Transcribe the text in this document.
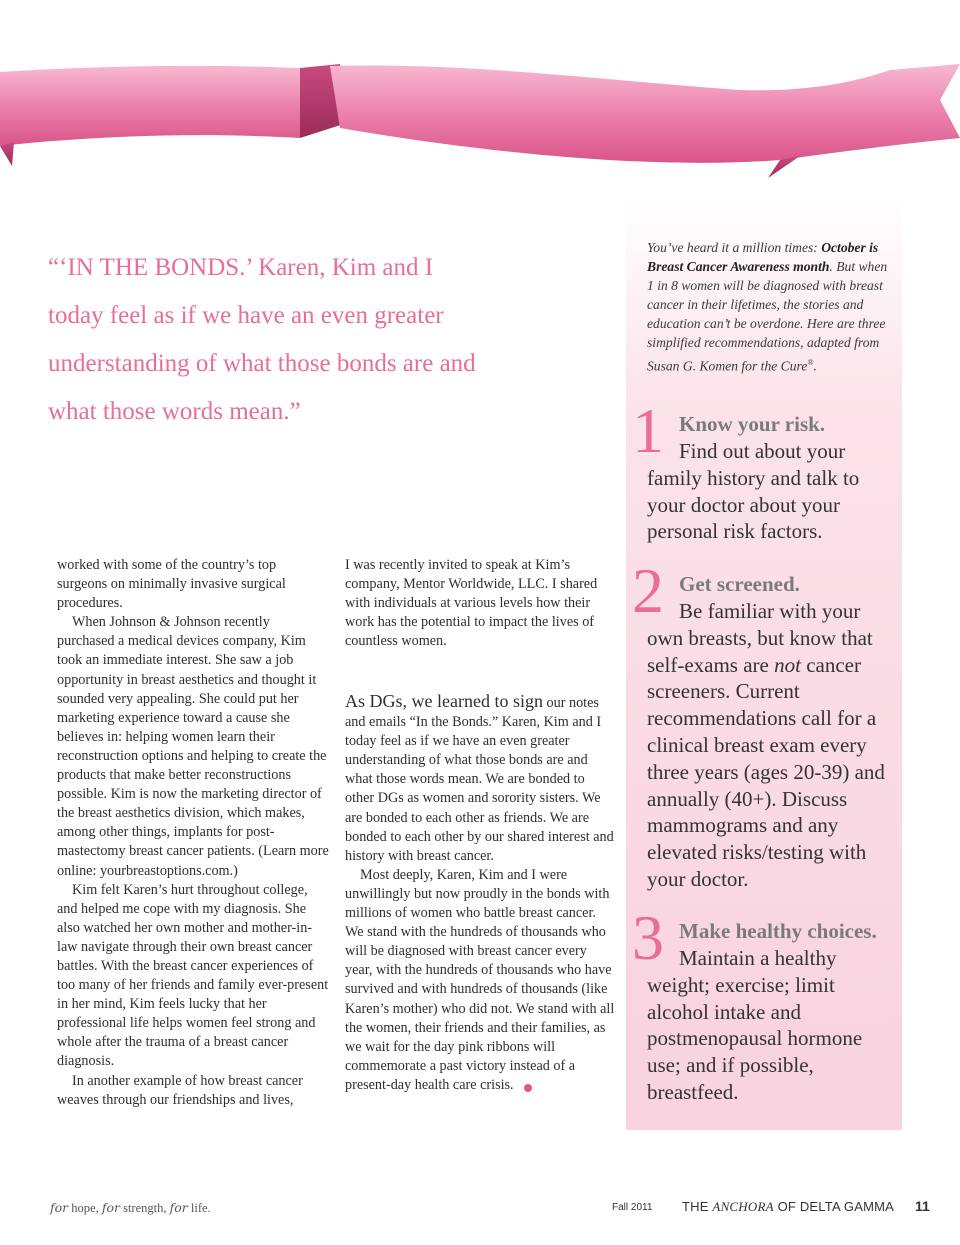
“‘IN THE BONDS.’ Karen, Kim and I today feel as if we have an even greater understanding of what those bonds are and what those words mean.”

worked with some of the country’s top surgeons on minimally invasive surgical procedures.

When Johnson & Johnson recently purchased a medical devices company, Kim took an immediate interest. She saw a job opportunity in breast aesthetics and thought it sounded very appealing. She could put her marketing experience toward a cause she believes in: helping women learn their reconstruction options and helping to create the products that make better reconstructions possible. Kim is now the marketing director of the breast aesthetics division, which makes, among other things, implants for post-mastectomy breast cancer patients. (Learn more online: yourbreastoptions.com.)

Kim felt Karen’s hurt throughout college, and helped me cope with my diagnosis. She also watched her own mother and mother-in-law navigate through their own breast cancer battles. With the breast cancer experiences of too many of her friends and family ever-present in her mind, Kim feels lucky that her professional life helps women feel strong and whole after the trauma of a breast cancer diagnosis.

In another example of how breast cancer weaves through our friendships and lives,

I was recently invited to speak at Kim’s company, Mentor Worldwide, LLC. I shared with individuals at various levels how their work has the potential to impact the lives of countless women.

As DGs, we learned to sign our notes and emails “In the Bonds.” Karen, Kim and I today feel as if we have an even greater understanding of what those bonds are and what those words mean. We are bonded to other DGs as women and sorority sisters. We are bonded to each other as friends. We are bonded to each other by our shared interest and history with breast cancer.

Most deeply, Karen, Kim and I were unwillingly but now proudly in the bonds with millions of women who battle breast cancer. We stand with the hundreds of thousands who will be diagnosed with breast cancer every year, with the hundreds of thousands who have survived and with hundreds of thousands (like Karen’s mother) who did not. We stand with all the women, their friends and their families, as we wait for the day pink ribbons will commemorate a past victory instead of a present-day health care crisis.

You’ve heard it a million times: October is Breast Cancer Awareness month. But when 1 in 8 women will be diagnosed with breast cancer in their lifetimes, the stories and education can’t be overdone. Here are three simplified recommendations, adapted from Susan G. Komen for the Cure®.

1 Know your risk.

Find out about your family history and talk to your doctor about your personal risk factors.

2 Get screened.

Be familiar with your own breasts, but know that self-exams are not cancer screeners. Current recommendations call for a clinical breast exam every three years (ages 20-39) and annually (40+). Discuss mammograms and any elevated risks/testing with your doctor.

3 Make healthy choices.

Maintain a healthy weight; exercise; limit alcohol intake and postmenopausal hormone use; and if possible, breastfeed.

for hope, for strength, for life.	Fall 2011 THE ANCHORA OF DELTA GAMMA 11
